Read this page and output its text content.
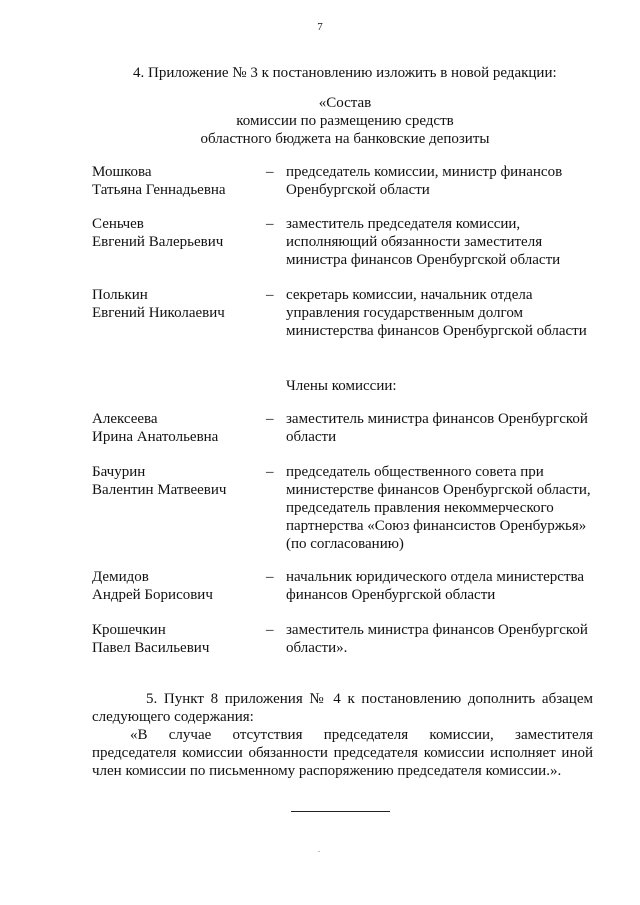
7
4. Приложение № 3 к постановлению изложить в новой редакции:
«Состав
комиссии по размещению средств
областного бюджета на банковские депозиты
Мошкова
Татьяна Геннадьевна
– председатель комиссии, министр финансов Оренбургской области
Сеньчев
Евгений Валерьевич
– заместитель председателя комиссии, исполняющий обязанности заместителя министра финансов Оренбургской области
Полькин
Евгений Николаевич
– секретарь комиссии, начальник отдела управления государственным долгом министерства финансов Оренбургской области
Члены комиссии:
Алексеева
Ирина Анатольевна
– заместитель министра финансов Оренбургской области
Бачурин
Валентин Матвеевич
– председатель общественного совета при министерстве финансов Оренбургской области, председатель правления некоммерческого партнерства «Союз финансистов Оренбуржья» (по согласованию)
Демидов
Андрей Борисович
– начальник юридического отдела министерства финансов Оренбургской области
Крошечкин
Павел Васильевич
– заместитель министра финансов Оренбургской области».

5. Пункт 8 приложения № 4 к постановлению дополнить абзацем следующего содержания:

«В случае отсутствия председателя комиссии, заместителя председателя комиссии обязанности председателя комиссии исполняет иной член комиссии по письменному распоряжению председателя комиссии.».
